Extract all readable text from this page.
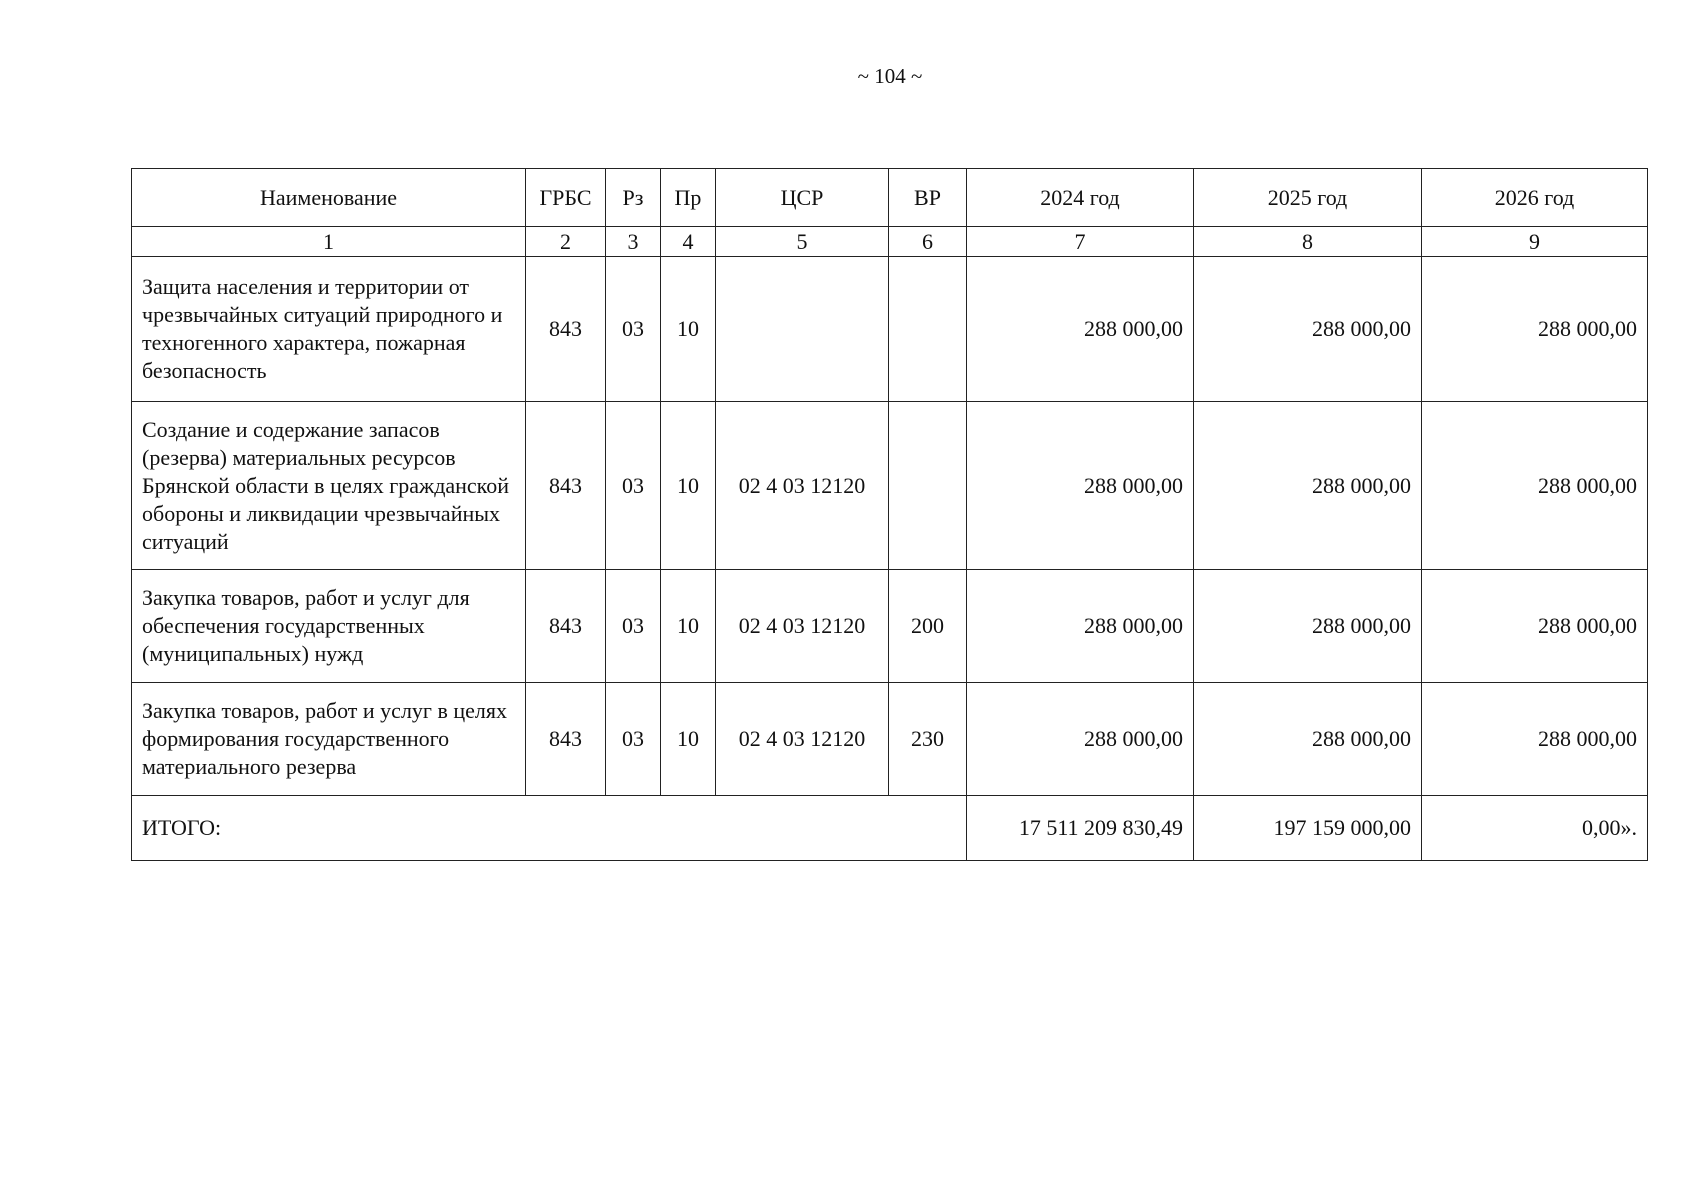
~ 104 ~
Наименование	ГРБС	Рз	Пр	ЦСР	ВР	2024 год	2025 год	2026 год
1	2	3	4	5	6	7	8	9
Защита населения и территории от чрезвычайных ситуаций природного и техногенного характера, пожарная безопасность	843	03	10			288 000,00	288 000,00	288 000,00
Создание и содержание запасов (резерва) материальных ресурсов Брянской области в целях гражданской обороны и ликвидации чрезвычайных ситуаций	843	03	10	02 4 03 12120		288 000,00	288 000,00	288 000,00
Закупка товаров, работ и услуг для обеспечения государственных (муниципальных) нужд	843	03	10	02 4 03 12120	200	288 000,00	288 000,00	288 000,00
Закупка товаров, работ и услуг в целях формирования государственного материального резерва	843	03	10	02 4 03 12120	230	288 000,00	288 000,00	288 000,00
ИТОГО:						17 511 209 830,49	197 159 000,00	0,00».
